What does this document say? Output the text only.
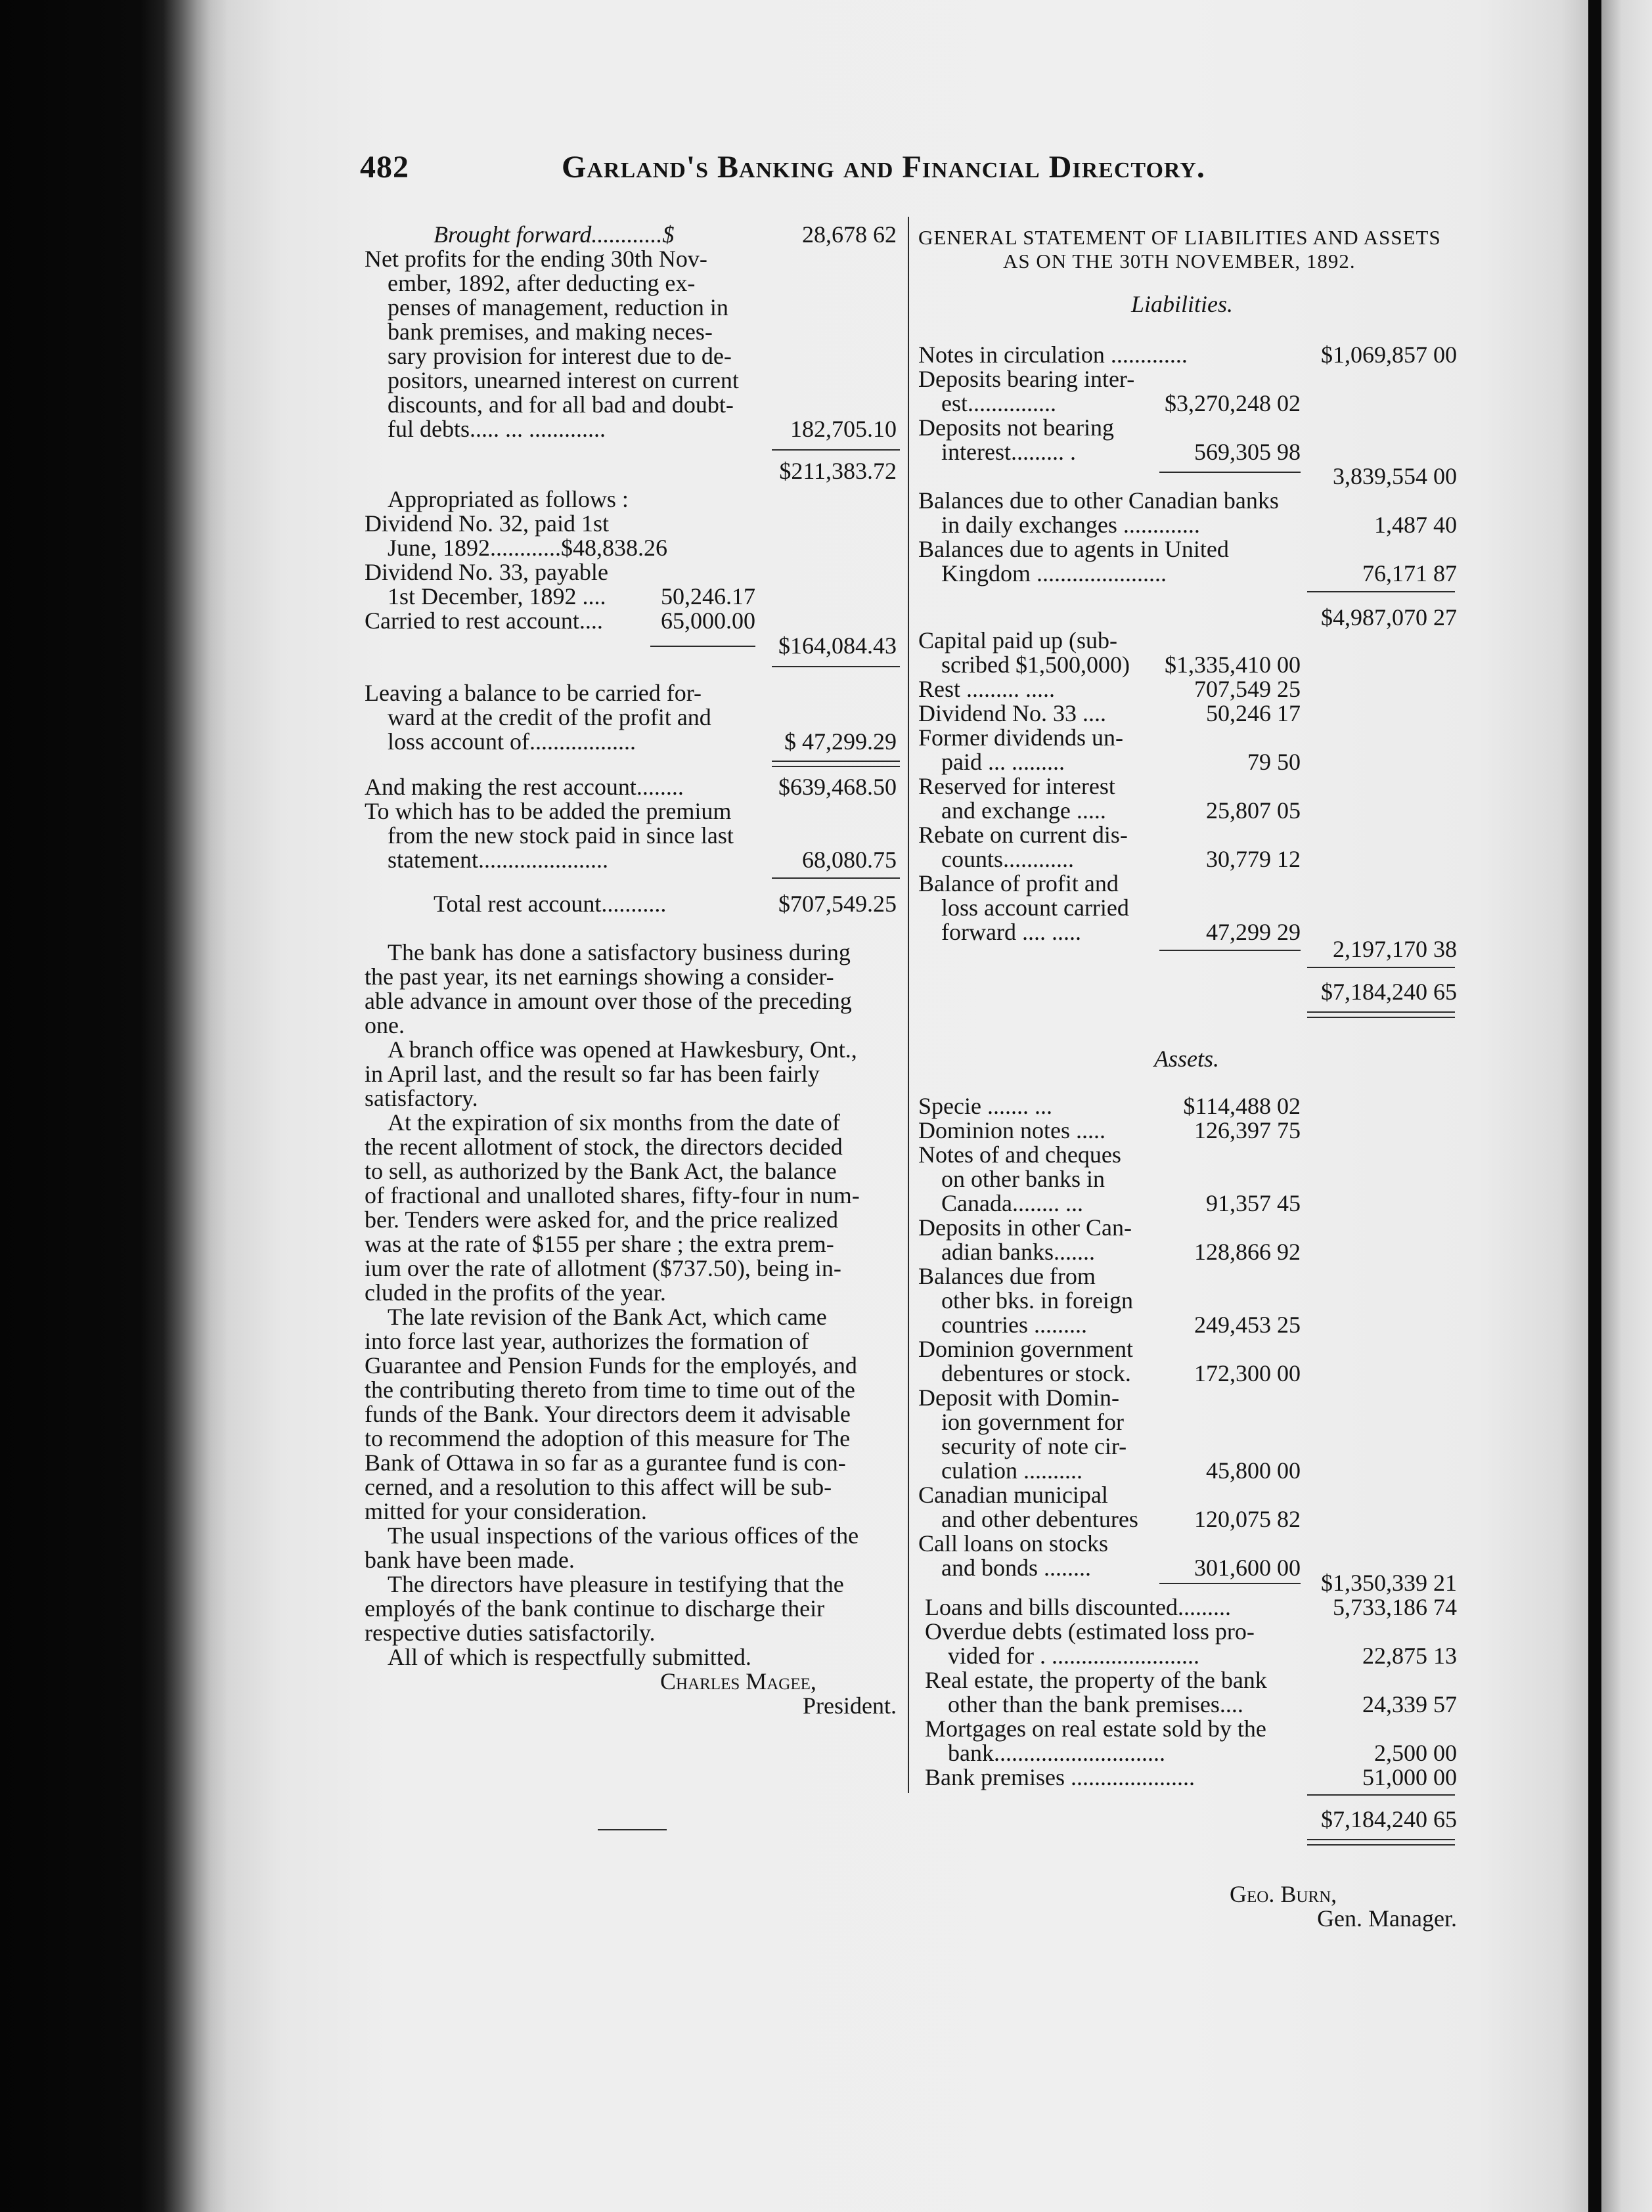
482	Garland's Banking and Financial Directory.
Brought forward............$	28,678 62
Net profits for the ending 30th Nov-
ember, 1892, after deducting ex-
penses of management, reduction in
bank premises, and making neces-
sary provision for interest due to de-
positors, unearned interest on current
discounts, and for all bad and doubt-
ful debts..... ... .............	182,705.10
$211,383.72
Appropriated as follows :
Dividend No. 32, paid 1st
June, 1892............$48,838.26
Dividend No. 33, payable
1st December, 1892 .... 50,246.17
Carried to rest account.... 65,000.00
$164,084.43
Leaving a balance to be carried for-
ward at the credit of the profit and
loss account of..................	$ 47,299.29
And making the rest account........	$639,468.50
To which has to be added the premium
from the new stock paid in since last
statement......................	68,080.75
Total rest account...........	$707,549.25
The bank has done a satisfactory business during
the past year, its net earnings showing a consider-
able advance in amount over those of the preceding
one.
A branch office was opened at Hawkesbury, Ont.,
in April last, and the result so far has been fairly
satisfactory.
At the expiration of six months from the date of
the recent allotment of stock, the directors decided
to sell, as authorized by the Bank Act, the balance
of fractional and unalloted shares, fifty-four in num-
ber. Tenders were asked for, and the price realized
was at the rate of $155 per share ; the extra prem-
ium over the rate of allotment ($737.50), being in-
cluded in the profits of the year.
The late revision of the Bank Act, which came
into force last year, authorizes the formation of
Guarantee and Pension Funds for the employés, and
the contributing thereto from time to time out of the
funds of the Bank. Your directors deem it advisable
to recommend the adoption of this measure for The
Bank of Ottawa in so far as a gurantee fund is con-
cerned, and a resolution to this affect will be sub-
mitted for your consideration.
The usual inspections of the various offices of the
bank have been made.
The directors have pleasure in testifying that the
employés of the bank continue to discharge their
respective duties satisfactorily.
All of which is respectfully submitted.
Charles Magee,
President.
GENERAL STATEMENT OF LIABILITIES AND ASSETS
AS ON THE 30TH NOVEMBER, 1892.
Liabilities.
Notes in circulation .............	$1,069,857 00
Deposits bearing inter-
est...............	$3,270,248 02
Deposits not bearing
interest......... .	569,305 98
3,839,554 00
Balances due to other Canadian banks
in daily exchanges .............	1,487 40
Balances due to agents in United
Kingdom ......................	76,171 87
$4,987,070 27
Capital paid up (sub-
scribed $1,500,000) $1,335,410 00
Rest ......... .....	707,549 25
Dividend No. 33 ....	50,246 17
Former dividends un-
paid ... .........	79 50
Reserved for interest
and exchange .....	25,807 05
Rebate on current dis-
counts............	30,779 12
Balance of profit and
loss account carried
forward .... .....	47,299 29
2,197,170 38
$7,184,240 65
Assets.
Specie ....... ...	$114,488 02
Dominion notes .....	126,397 75
Notes of and cheques
on other banks in
Canada........ ...	91,357 45
Deposits in other Can-
adian banks.......	128,866 92
Balances due from
other bks. in foreign
countries .........	249,453 25
Dominion government
debentures or stock.	172,300 00
Deposit with Domin-
ion government for
security of note cir-
culation ..........	45,800 00
Canadian municipal
and other debentures 120,075 82
Call loans on stocks
and bonds ........	301,600 00
$1,350,339 21
Loans and bills discounted.........	5,733,186 74
Overdue debts (estimated loss pro-
vided for . .........................	22,875 13
Real estate, the property of the bank
other than the bank premises....	24,339 57
Mortgages on real estate sold by the
bank.............................	2,500 00
Bank premises .....................	51,000 00
$7,184,240 65
Geo. Burn,
Gen. Manager.
